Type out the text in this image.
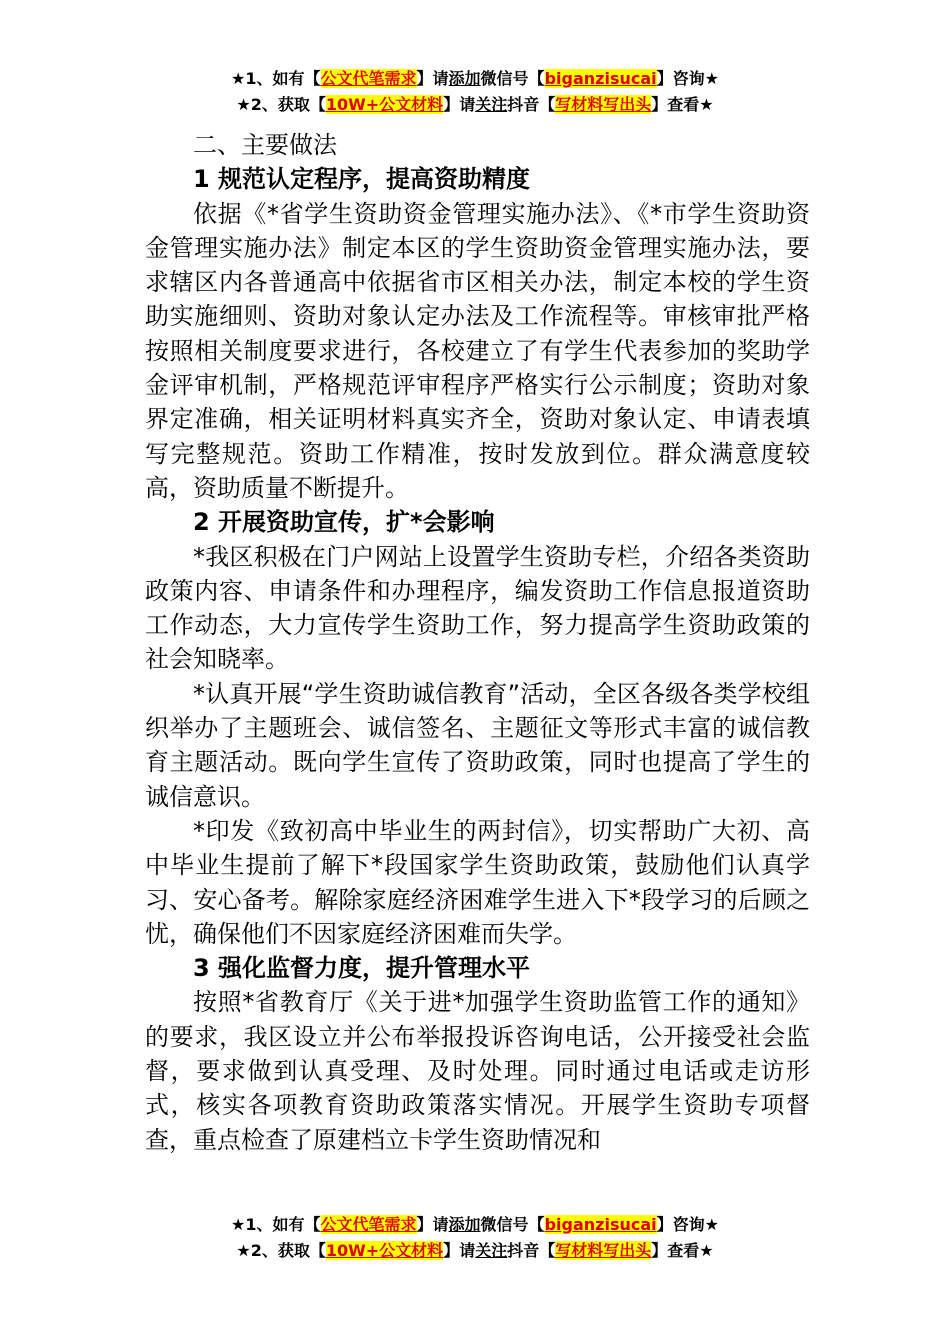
★1、如有【公文代笔需求】请添加微信号【biganzisucai】咨询★
★2、获取【10W+公文材料】请关注抖音【写材料写出头】查看★

二、主要做法

1 规范认定程序，提高资助精度

依据《*省学生资助资金管理实施办法》、《*市学生资助资金管理实施办法》制定本区的学生资助资金管理实施办法，要求辖区内各普通高中依据省市区相关办法，制定本校的学生资助实施细则、资助对象认定办法及工作流程等。审核审批严格按照相关制度要求进行，各校建立了有学生代表参加的奖助学金评审机制，严格规范评审程序严格实行公示制度；资助对象界定准确，相关证明材料真实齐全，资助对象认定、申请表填写完整规范。资助工作精准，按时发放到位。群众满意度较高，资助质量不断提升。

2 开展资助宣传，扩*会影响

*我区积极在门户网站上设置学生资助专栏，介绍各类资助政策内容、申请条件和办理程序，编发资助工作信息报道资助工作动态，大力宣传学生资助工作，努力提高学生资助政策的社会知晓率。

*认真开展“学生资助诚信教育”活动，全区各级各类学校组织举办了主题班会、诚信签名、主题征文等形式丰富的诚信教育主题活动。既向学生宣传了资助政策，同时也提高了学生的诚信意识。

*印发《致初高中毕业生的两封信》，切实帮助广大初、高中毕业生提前了解下*段国家学生资助政策，鼓励他们认真学习、安心备考。解除家庭经济困难学生进入下*段学习的后顾之忧，确保他们不因家庭经济困难而失学。

3 强化监督力度，提升管理水平

按照*省教育厅《关于进*加强学生资助监管工作的通知》的要求，我区设立并公布举报投诉咨询电话，公开接受社会监督，要求做到认真受理、及时处理。同时通过电话或走访形式，核实各项教育资助政策落实情况。开展学生资助专项督查，重点检查了原建档立卡学生资助情况和

★1、如有【公文代笔需求】请添加微信号【biganzisucai】咨询★
★2、获取【10W+公文材料】请关注抖音【写材料写出头】查看★
